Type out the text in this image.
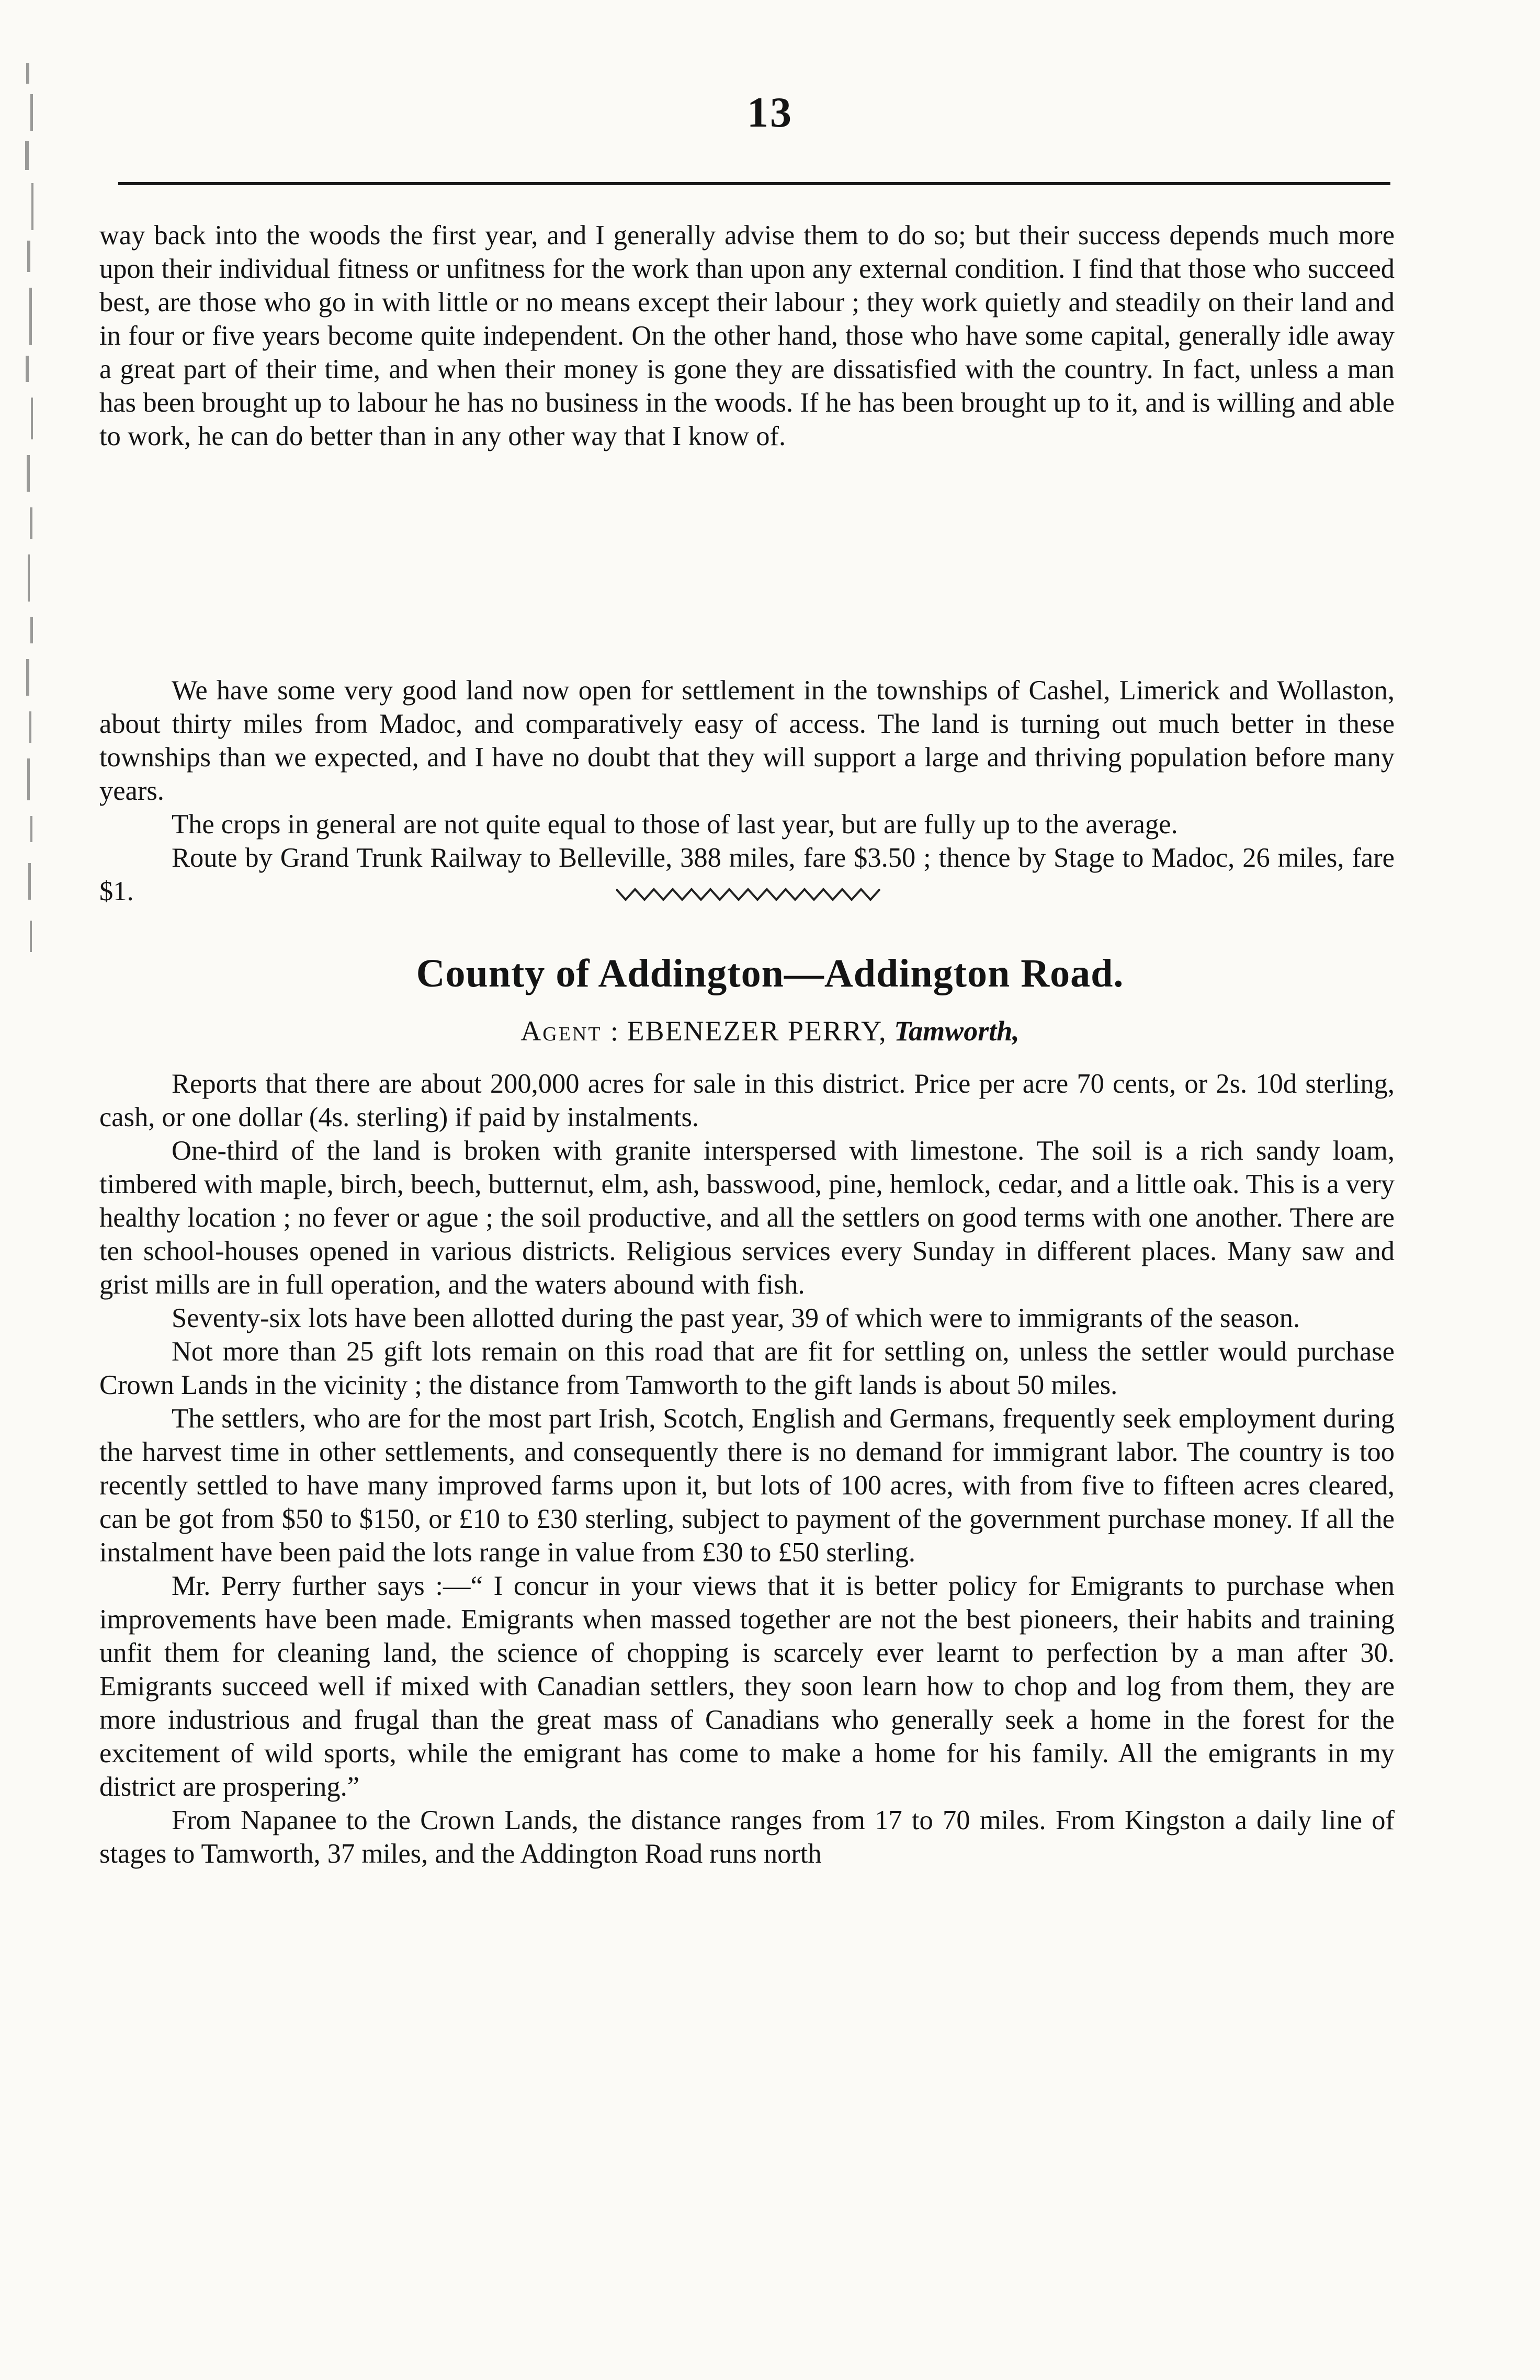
13

way back into the woods the first year, and I generally advise them to do so; but their success depends much more upon their individual fitness or unfitness for the work than upon any external condition. I find that those who succeed best, are those who go in with little or no means except their labour ; they work quietly and steadily on their land and in four or five years become quite independent. On the other hand, those who have some capital, generally idle away a great part of their time, and when their money is gone they are dissatisfied with the country. In fact, unless a man has been brought up to labour he has no business in the woods. If he has been brought up to it, and is willing and able to work, he can do better than in any other way that I know of.

We have some very good land now open for settlement in the townships of Cashel, Limerick and Wollaston, about thirty miles from Madoc, and comparatively easy of access. The land is turning out much better in these townships than we expected, and I have no doubt that they will support a large and thriving population before many years.

The crops in general are not quite equal to those of last year, but are fully up to the average.

Route by Grand Trunk Railway to Belleville, 388 miles, fare $3.50 ; thence by Stage to Madoc, 26 miles, fare $1.

County of Addington—Addington Road.
Agent : EBENEZER PERRY, Tamworth,

Reports that there are about 200,000 acres for sale in this district. Price per acre 70 cents, or 2s. 10d sterling, cash, or one dollar (4s. sterling) if paid by instalments.

One-third of the land is broken with granite interspersed with limestone. The soil is a rich sandy loam, timbered with maple, birch, beech, butternut, elm, ash, basswood, pine, hemlock, cedar, and a little oak. This is a very healthy location ; no fever or ague ; the soil productive, and all the settlers on good terms with one another. There are ten school-houses opened in various districts. Religious services every Sunday in different places. Many saw and grist mills are in full operation, and the waters abound with fish.

Seventy-six lots have been allotted during the past year, 39 of which were to immigrants of the season.

Not more than 25 gift lots remain on this road that are fit for settling on, unless the settler would purchase Crown Lands in the vicinity ; the distance from Tamworth to the gift lands is about 50 miles.

The settlers, who are for the most part Irish, Scotch, English and Germans, frequently seek employment during the harvest time in other settlements, and consequently there is no demand for immigrant labor. The country is too recently settled to have many improved farms upon it, but lots of 100 acres, with from five to fifteen acres cleared, can be got from $50 to $150, or £10 to £30 sterling, subject to payment of the government purchase money. If all the instalment have been paid the lots range in value from £30 to £50 sterling.

Mr. Perry further says :—“ I concur in your views that it is better policy for Emigrants to purchase when improvements have been made. Emigrants when massed together are not the best pioneers, their habits and training unfit them for cleaning land, the science of chopping is scarcely ever learnt to perfection by a man after 30. Emigrants succeed well if mixed with Canadian settlers, they soon learn how to chop and log from them, they are more industrious and frugal than the great mass of Canadians who generally seek a home in the forest for the excitement of wild sports, while the emigrant has come to make a home for his family. All the emigrants in my district are prospering.”

From Napanee to the Crown Lands, the distance ranges from 17 to 70 miles. From Kingston a daily line of stages to Tamworth, 37 miles, and the Addington Road runs north
